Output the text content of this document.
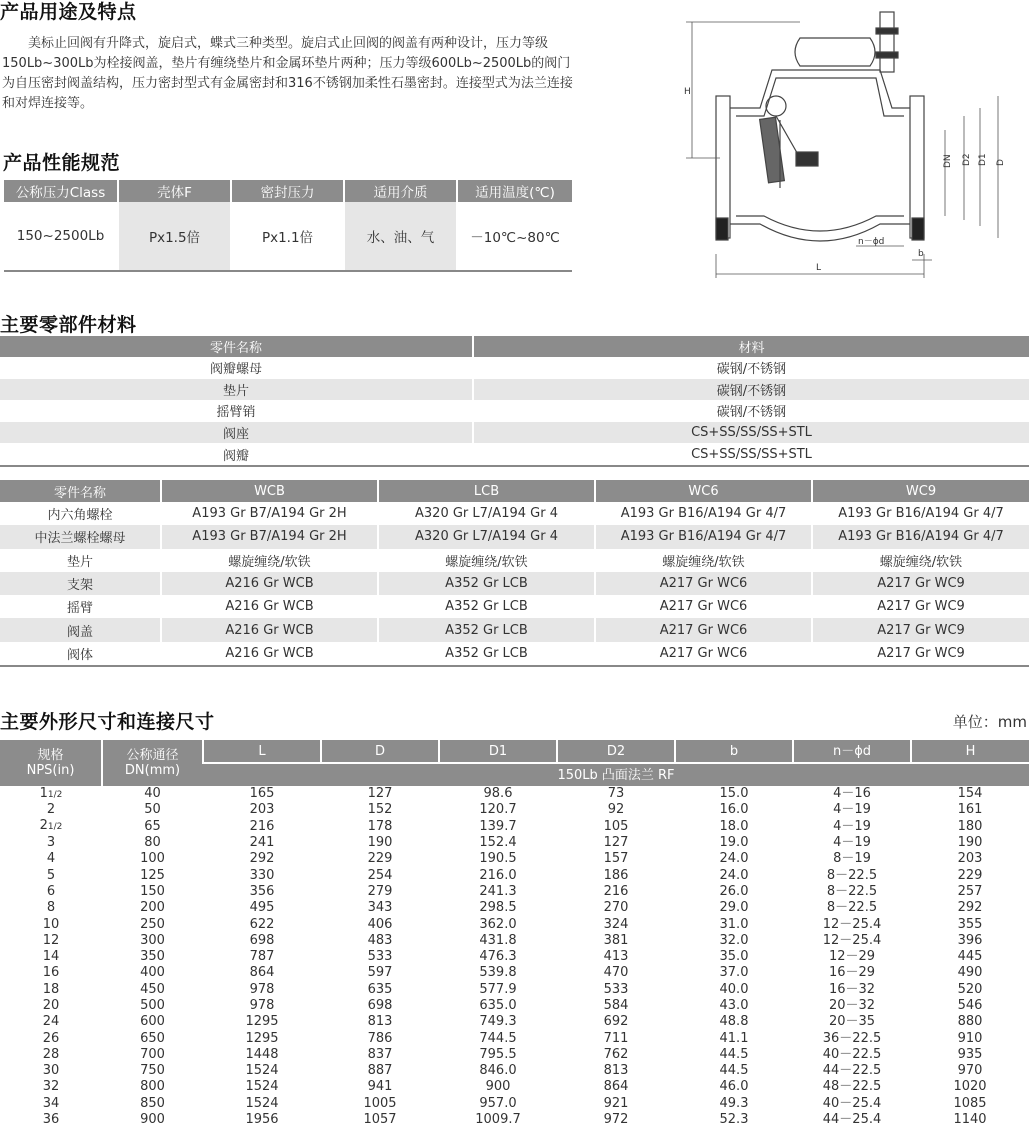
产品用途及特点

美标止回阀有升降式，旋启式，蝶式三种类型。旋启式止回阀的阀盖有两种设计，压力等级150Lb~300Lb为栓接阀盖，垫片有缠绕垫片和金属环垫片两种；压力等级600Lb~2500Lb的阀门为自压密封阀盖结构，压力密封型式有金属密封和316不锈钢加柔性石墨密封。连接型式为法兰连接和对焊连接等。

H
DN D2 D1 D
L
b
n－ϕd
产品性能规范
公称压力Class	壳体F	密封压力	适用介质	适用温度(℃)
150~2500Lb	Px1.5倍	Px1.1倍	水、油、气	－10℃~80℃
主要零部件材料
零件名称	材料
阀瓣螺母	碳钢/不锈钢
垫片	碳钢/不锈钢
摇臂销	碳钢/不锈钢
阀座	CS+SS/SS/SS+STL
阀瓣	CS+SS/SS/SS+STL
零件名称	WCB	LCB	WC6	WC9
内六角螺栓	A193 Gr B7/A194 Gr 2H	A320 Gr L7/A194 Gr 4	A193 Gr B16/A194 Gr 4/7	A193 Gr B16/A194 Gr 4/7
中法兰螺栓螺母	A193 Gr B7/A194 Gr 2H	A320 Gr L7/A194 Gr 4	A193 Gr B16/A194 Gr 4/7	A193 Gr B16/A194 Gr 4/7
垫片	螺旋缠绕/软铁	螺旋缠绕/软铁	螺旋缠绕/软铁	螺旋缠绕/软铁
支架	A216 Gr WCB	A352 Gr LCB	A217 Gr WC6	A217 Gr WC9
摇臂	A216 Gr WCB	A352 Gr LCB	A217 Gr WC6	A217 Gr WC9
阀盖	A216 Gr WCB	A352 Gr LCB	A217 Gr WC6	A217 Gr WC9
阀体	A216 Gr WCB	A352 Gr LCB	A217 Gr WC6	A217 Gr WC9
主要外形尺寸和连接尺寸	单位：mm
规格
NPS(in)	公称通径
DN(mm)	L	D	D1	D2	b	n－ϕd	H
		150Lb 凸面法兰 RF						
11/2	40	165	127	98.6	73	15.0	4－16	154
2	50	203	152	120.7	92	16.0	4－19	161
21/2	65	216	178	139.7	105	18.0	4－19	180
3	80	241	190	152.4	127	19.0	4－19	190
4	100	292	229	190.5	157	24.0	8－19	203
5	125	330	254	216.0	186	24.0	8－22.5	229
6	150	356	279	241.3	216	26.0	8－22.5	257
8	200	495	343	298.5	270	29.0	8－22.5	292
10	250	622	406	362.0	324	31.0	12－25.4	355
12	300	698	483	431.8	381	32.0	12－25.4	396
14	350	787	533	476.3	413	35.0	12－29	445
16	400	864	597	539.8	470	37.0	16－29	490
18	450	978	635	577.9	533	40.0	16－32	520
20	500	978	698	635.0	584	43.0	20－32	546
24	600	1295	813	749.3	692	48.8	20－35	880
26	650	1295	786	744.5	711	41.1	36－22.5	910
28	700	1448	837	795.5	762	44.5	40－22.5	935
30	750	1524	887	846.0	813	44.5	44－22.5	970
32	800	1524	941	900	864	46.0	48－22.5	1020
34	850	1524	1005	957.0	921	49.3	40－25.4	1085
36	900	1956	1057	1009.7	972	52.3	44－25.4	1140
